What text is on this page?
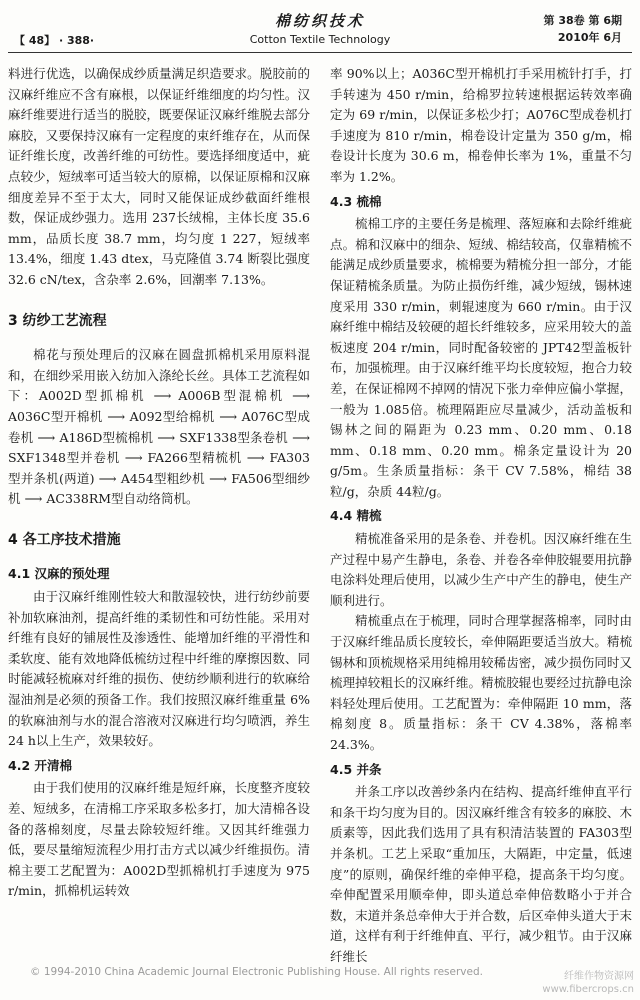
【 48】 · 388·
棉纺织技术
Cotton Textile Technology
第 38卷 第 6期
2010年 6月

料进行优选，以确保成纱质量满足织造要求。脱胶前的汉麻纤维应不含有麻根，以保证纤维细度的均匀性。汉麻纤维要进行适当的脱胶，既要保证汉麻纤维脱去部分麻胶，又要保持汉麻有一定程度的束纤维存在，从而保证纤维长度，改善纤维的可纺性。要选择细度适中，疵点较少，短绒率可适当较大的原棉，以保证原棉和汉麻细度差异不至于太大，同时又能保证成纱截面纤维根数，保证成纱强力。选用 237长绒棉，主体长度 35.6 mm，品质长度 38.7 mm，均匀度 1 227，短绒率 13.4%，细度 1.43 dtex，马克隆值 3.74 断裂比强度 32.6 cN/tex，含杂率 2.6%，回潮率 7.13%。

3 纺纱工艺流程

棉花与预处理后的汉麻在圆盘抓棉机采用原料混和，在细纱采用嵌入纺加入涤纶长丝。具体工艺流程如下：A002D型抓棉机 ⟶ A006B型混棉机 ⟶ A036C型开棉机 ⟶ A092型给棉机 ⟶ A076C型成卷机 ⟶ A186D型梳棉机 ⟶ SXF1338型条卷机 ⟶ SXF1348型并卷机 ⟶ FA266型精梳机 ⟶ FA303型并条机(两道) ⟶ A454型粗纱机 ⟶ FA506型细纱机 ⟶ AC338RM型自动络筒机。

4 各工序技术措施
4.1 汉麻的预处理

由于汉麻纤维刚性较大和散湿较快，进行纺纱前要补加软麻油剂，提高纤维的柔韧性和可纺性能。采用对纤维有良好的铺展性及渗透性、能增加纤维的平滑性和柔软度、能有效地降低梳纺过程中纤维的摩擦因数、同时能减轻梳麻对纤维的损伤、使纺纱顺利进行的软麻给湿油剂是必须的预备工作。我们按照汉麻纤维重量 6%的软麻油剂与水的混合溶液对汉麻进行均匀喷洒，养生 24 h以上生产，效果较好。

4.2 开清棉

由于我们使用的汉麻纤维是短纤麻，长度整齐度较差、短绒多，在清棉工序采取多松多打，加大清棉各设备的落棉刻度，尽量去除较短纤维。又因其纤维强力低，要尽量缩短流程少用打击方式以减少纤维损伤。清棉主要工艺配置为：A002D型抓棉机打手速度为 975 r/min，抓棉机运转效

率 90%以上；A036C型开棉机打手采用梳针打手，打手转速为 450 r/min，给棉罗拉转速根据运转效率确定为 69 r/min，以保证多松少打；A076C型成卷机打手速度为 810 r/min，棉卷设计定量为 350 g/m，棉卷设计长度为 30.6 m，棉卷伸长率为 1%，重量不匀率为 1.2%。

4.3 梳棉

梳棉工序的主要任务是梳理、落短麻和去除纤维疵点。棉和汉麻中的细杂、短绒、棉结较高，仅靠精梳不能满足成纱质量要求，梳棉要为精梳分担一部分，才能保证精梳条质量。为防止损伤纤维，减少短绒，锡林速度采用 330 r/min，刺辊速度为 660 r/min。由于汉麻纤维中棉结及较硬的超长纤维较多，应采用较大的盖板速度 204 r/min，同时配备较密的 JPT42型盖板针布，加强梳理。由于汉麻纤维平均长度较短，抱合力较差，在保证棉网不掉网的情况下张力牵伸应偏小掌握，一般为 1.085倍。梳理隔距应尽量减少，活动盖板和锡林之间的隔距为 0.23 mm、0.20 mm、0.18 mm、0.18 mm、0.20 mm。棉条定量设计为 20 g/5m。生条质量指标：条干 CV 7.58%，棉结 38粒/g，杂质 44粒/g。

4.4 精梳

精梳准备采用的是条卷、并卷机。因汉麻纤维在生产过程中易产生静电，条卷、并卷各牵伸胶辊要用抗静电涂料处理后使用，以减少生产中产生的静电，使生产顺利进行。

精梳重点在于梳理，同时合理掌握落棉率，同时由于汉麻纤维品质长度较长，牵伸隔距要适当放大。精梳锡林和顶梳规格采用纯棉用较稀齿密，减少损伤同时又梳理掉较粗长的汉麻纤维。精梳胶辊也要经过抗静电涂料轻处理后使用。工艺配置为：牵伸隔距 10 mm，落棉刻度 8。质量指标：条干 CV 4.38%，落棉率 24.3%。

4.5 并条

并条工序以改善纱条内在结构、提高纤维伸直平行和条干均匀度为目的。因汉麻纤维含有较多的麻胶、木质素等，因此我们选用了具有积清洁装置的 FA303型并条机。工艺上采取“重加压，大隔距，中定量，低速度”的原则，确保纤维的牵伸平稳，提高条干均匀度。牵伸配置采用顺牵伸，即头道总牵伸倍数略小于并合数，末道并条总牵伸大于并合数，后区牵伸头道大于末道，这样有利于纤维伸直、平行，减少粗节。由于汉麻纤维长

© 1994-2010 China Academic Journal Electronic Publishing House. All rights reserved.	纤维作物资源网
www.fibercrops.cn
